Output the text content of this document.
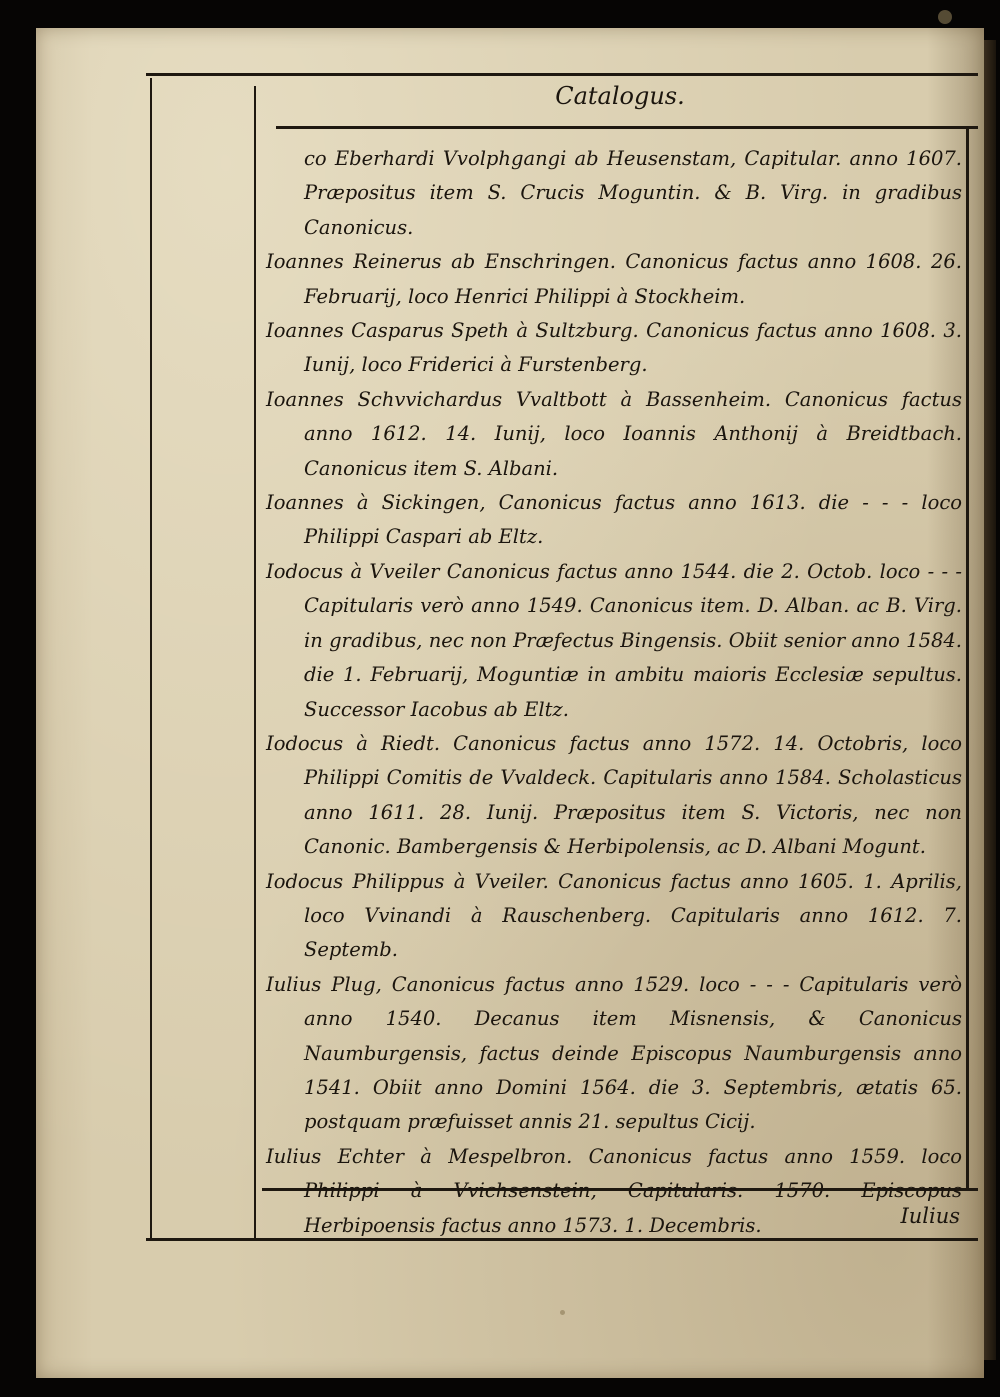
Catalogus.

co Eberhardi Vvolphgangi ab Heusenstam, Capitular. anno 1607. Præpositus item S. Crucis Moguntin. & B. Virg. in gradibus Canonicus.

Ioannes Reinerus ab Enschringen. Canonicus factus anno 1608. 26. Februarij, loco Henrici Philippi à Stockheim.

Ioannes Casparus Speth à Sultzburg. Canonicus factus anno 1608. 3. Iunij, loco Friderici à Furstenberg.

Ioannes Schvvichardus Vvaltbott à Bassenheim. Canonicus factus anno 1612. 14. Iunij, loco Ioannis Anthonij à Breidtbach. Canonicus item S. Albani.

Ioannes à Sickingen, Canonicus factus anno 1613. die - - - loco Philippi Caspari ab Eltz.

Iodocus à Vveiler Canonicus factus anno 1544. die 2. Octob. loco - - - Capitularis verò anno 1549. Canonicus item. D. Alban. ac B. Virg. in gradibus, nec non Præfectus Bingensis. Obiit senior anno 1584. die 1. Februarij, Moguntiæ in ambitu maioris Ecclesiæ sepultus. Successor Iacobus ab Eltz.

Iodocus à Riedt. Canonicus factus anno 1572. 14. Octobris, loco Philippi Comitis de Vvaldeck. Capitularis anno 1584. Scholasticus anno 1611. 28. Iunij. Præpositus item S. Victoris, nec non Canonic. Bambergensis & Herbipolensis, ac D. Albani Mogunt.

Iodocus Philippus à Vveiler. Canonicus factus anno 1605. 1. Aprilis, loco Vvinandi à Rauschenberg. Capitularis anno 1612. 7. Septemb.

Iulius Plug, Canonicus factus anno 1529. loco - - - Capitularis verò anno 1540. Decanus item Misnensis, & Canonicus Naumburgensis, factus deinde Episcopus Naumburgensis anno 1541. Obiit anno Domini 1564. die 3. Septembris, ætatis 65. postquam præfuisset annis 21. sepultus Cicij.

Iulius Echter à Mespelbron. Canonicus factus anno 1559. loco Philippi à Vvichsenstein, Capitularis. 1570. Episcopus Herbipoensis factus anno 1573. 1. Decembris.	Iulius
